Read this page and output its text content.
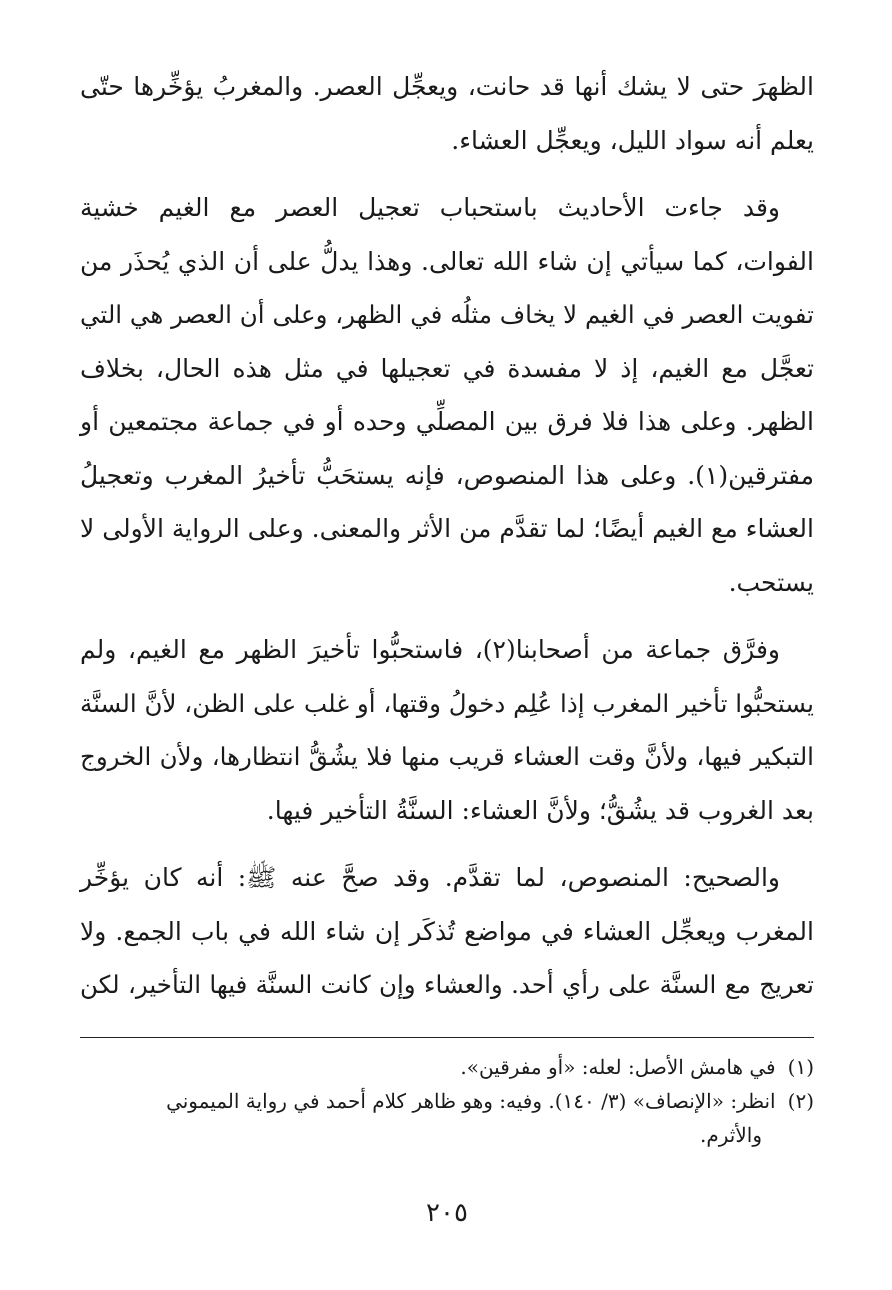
الظهرَ حتى لا يشك أنها قد حانت، ويعجِّل العصر. والمغربُ يؤخِّرها حتّى
يعلم أنه سواد الليل، ويعجِّل العشاء.

وقد جاءت الأحاديث باستحباب تعجيل العصر مع الغيم خشية
الفوات، كما سيأتي إن شاء الله تعالى. وهذا يدلُّ على أن الذي يُحذَر من
تفويت العصر في الغيم لا يخاف مثلُه في الظهر، وعلى أن العصر هي التي
تعجَّل مع الغيم، إذ لا مفسدة في تعجيلها في مثل هذه الحال، بخلاف
الظهر. وعلى هذا فلا فرق بين المصلِّي وحده أو في جماعة مجتمعين أو
مفترقين(١). وعلى هذا المنصوص، فإنه يستحَبُّ تأخيرُ المغرب وتعجيلُ
العشاء مع الغيم أيضًا؛ لما تقدَّم من الأثر والمعنى. وعلى الرواية الأولى لا
يستحب.

وفرَّق جماعة من أصحابنا(٢)، فاستحبُّوا تأخيرَ الظهر مع الغيم، ولم
يستحبُّوا تأخير المغرب إذا عُلِم دخولُ وقتها، أو غلب على الظن، لأنَّ السنَّة
التبكير فيها، ولأنَّ وقت العشاء قريب منها فلا يشُقُّ انتظارها، ولأن الخروج
بعد الغروب قد يشُقُّ؛ ولأنَّ العشاء: السنَّةُ التأخير فيها.

والصحيح: المنصوص، لما تقدَّم. وقد صحَّ عنه ﷺ: أنه كان يؤخِّر
المغرب ويعجِّل العشاء في مواضع تُذكَر إن شاء الله في باب الجمع. ولا
تعريج مع السنَّة على رأي أحد. والعشاء وإن كانت السنَّة فيها التأخير، لكن

(١)في هامش الأصل: لعله: «أو مفرقين».
(٢)انظر: «الإنصاف» (٣/ ١٤٠). وفيه: وهو ظاهر كلام أحمد في رواية الميموني
والأثرم.
٢٠٥
